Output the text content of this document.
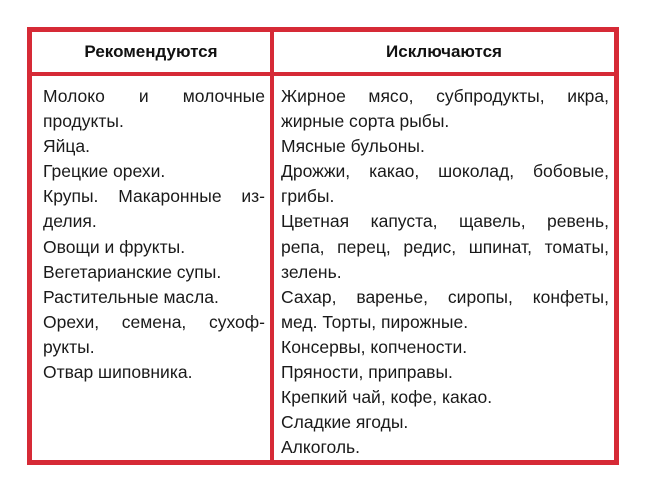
Рекомендуются	Исключаются
Молоко и молочные
продукты.
Яйца.
Грецкие орехи.
Крупы. Макаронные из-
делия.
Овощи и фрукты.
Вегетарианские супы.
Растительные масла.
Орехи, семена, сухоф-
рукты.
Отвар шиповника.
Жирное мясо, субпродукты, икра,
жирные сорта рыбы.
Мясные бульоны.
Дрожжи, какао, шоколад, бобовые,
грибы.
Цветная капуста, щавель, ревень,
репа, перец, редис, шпинат, томаты,
зелень.
Сахар, варенье, сиропы, конфеты,
мед. Торты, пирожные.
Консервы, копчености.
Пряности, приправы.
Крепкий чай, кофе, какао.
Сладкие ягоды.
Алкоголь.
